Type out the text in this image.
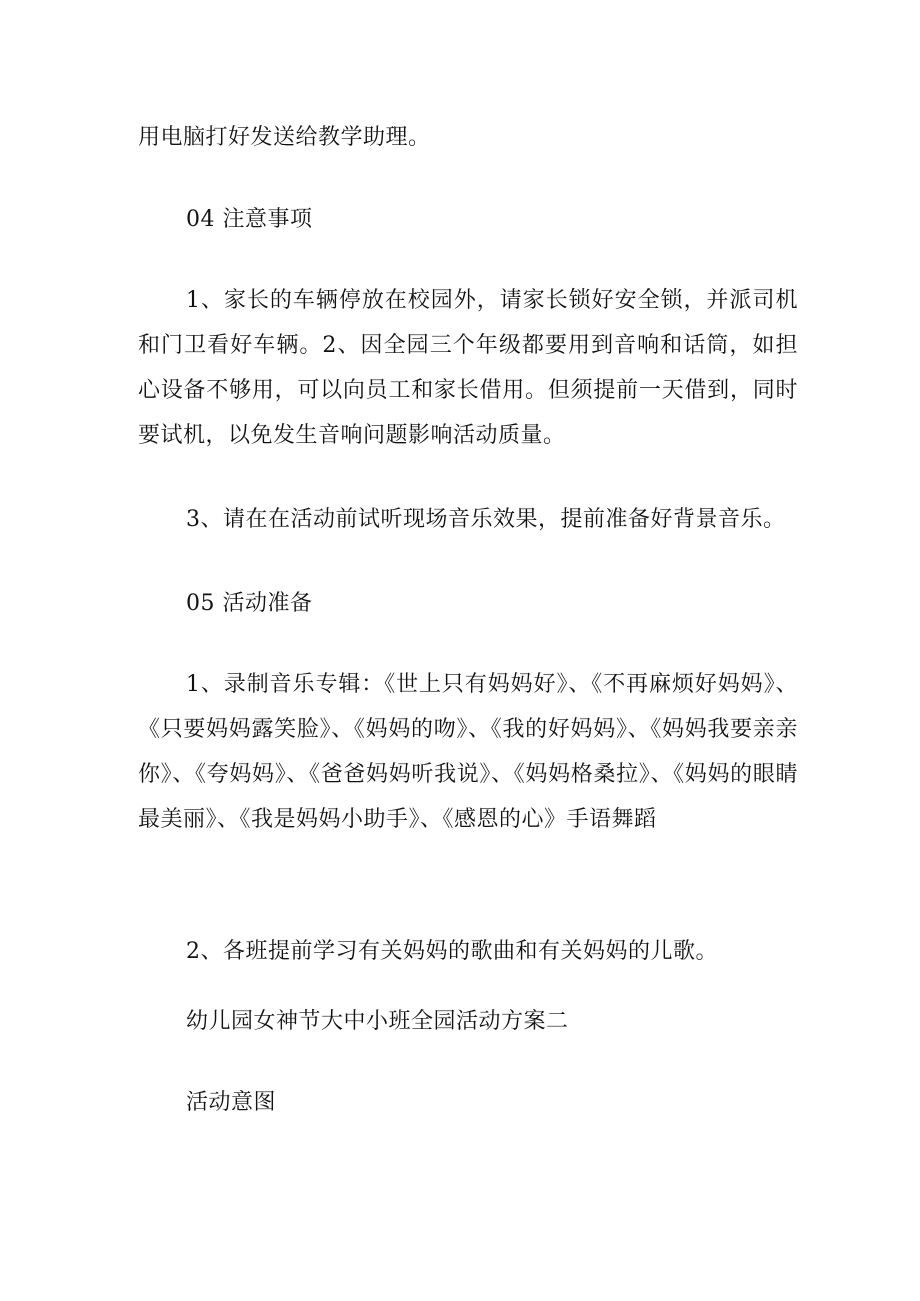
用电脑打好发送给教学助理。
04 注意事项
1、家长的车辆停放在校园外，请家长锁好安全锁，并派司机和门卫看好车辆。2、因全园三个年级都要用到音响和话筒，如担心设备不够用，可以向员工和家长借用。但须提前一天借到，同时要试机，以免发生音响问题影响活动质量。
3、请在在活动前试听现场音乐效果，提前准备好背景音乐。
05 活动准备
1、录制音乐专辑：《世上只有妈妈好》、《不再麻烦好妈妈》、《只要妈妈露笑脸》、《妈妈的吻》、《我的好妈妈》、《妈妈我要亲亲你》、《夸妈妈》、《爸爸妈妈听我说》、《妈妈格桑拉》、《妈妈的眼睛最美丽》、《我是妈妈小助手》、《感恩的心》手语舞蹈
2、各班提前学习有关妈妈的歌曲和有关妈妈的儿歌。
幼儿园女神节大中小班全园活动方案二
活动意图
